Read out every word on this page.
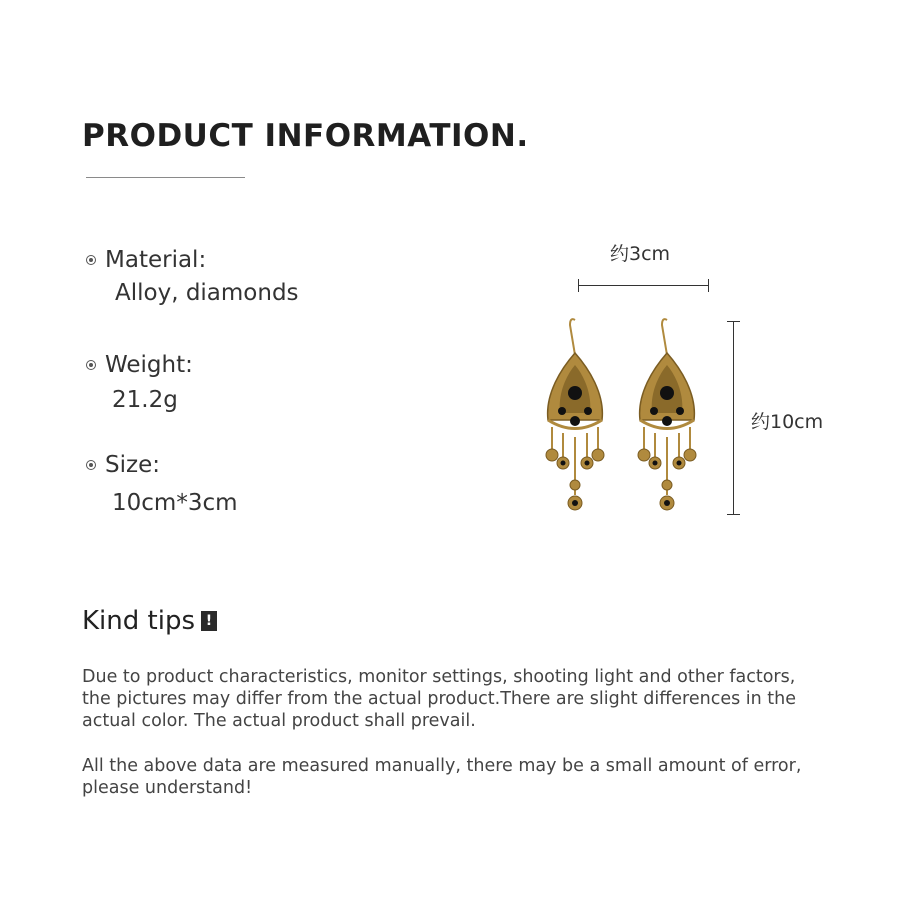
PRODUCT INFORMATION.
Material:
Alloy, diamonds
Weight:
21.2g
Size:
10cm*3cm
约3cm
约10cm
Kind tips !

Due to product characteristics, monitor settings, shooting light and other factors, the pictures may differ from the actual product.There are slight differences in the actual color. The actual product shall prevail.

All the above data are measured manually, there may be a small amount of error, please understand!
